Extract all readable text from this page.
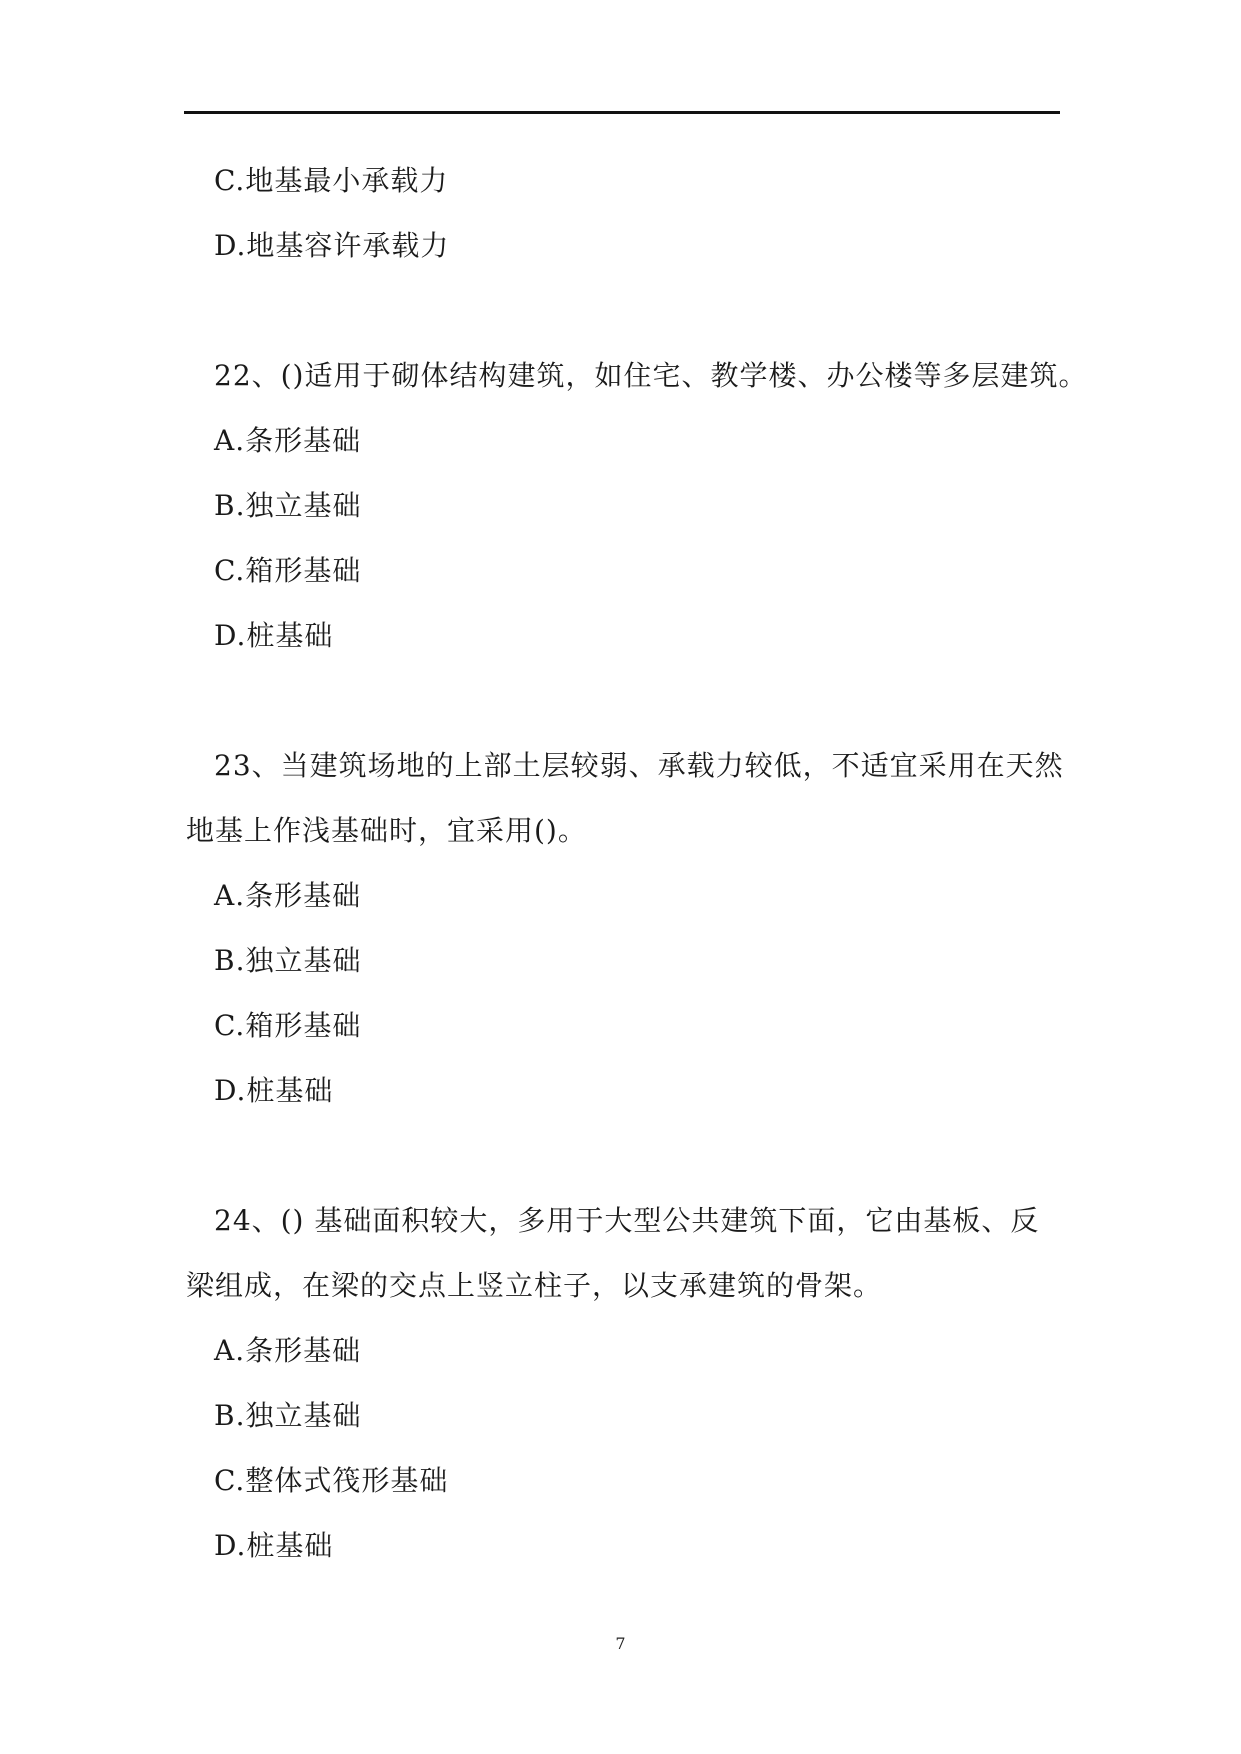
C.地基最小承载力
D.地基容许承载力
22、()适用于砌体结构建筑，如住宅、教学楼、办公楼等多层建筑。
A.条形基础
B.独立基础
C.箱形基础
D.桩基础
23、当建筑场地的上部土层较弱、承载力较低，不适宜采用在天然
地基上作浅基础时，宜采用()。
A.条形基础
B.独立基础
C.箱形基础
D.桩基础
24、() 基础面积较大，多用于大型公共建筑下面，它由基板、反
梁组成，在梁的交点上竖立柱子，以支承建筑的骨架。
A.条形基础
B.独立基础
C.整体式筏形基础
D.桩基础
7
